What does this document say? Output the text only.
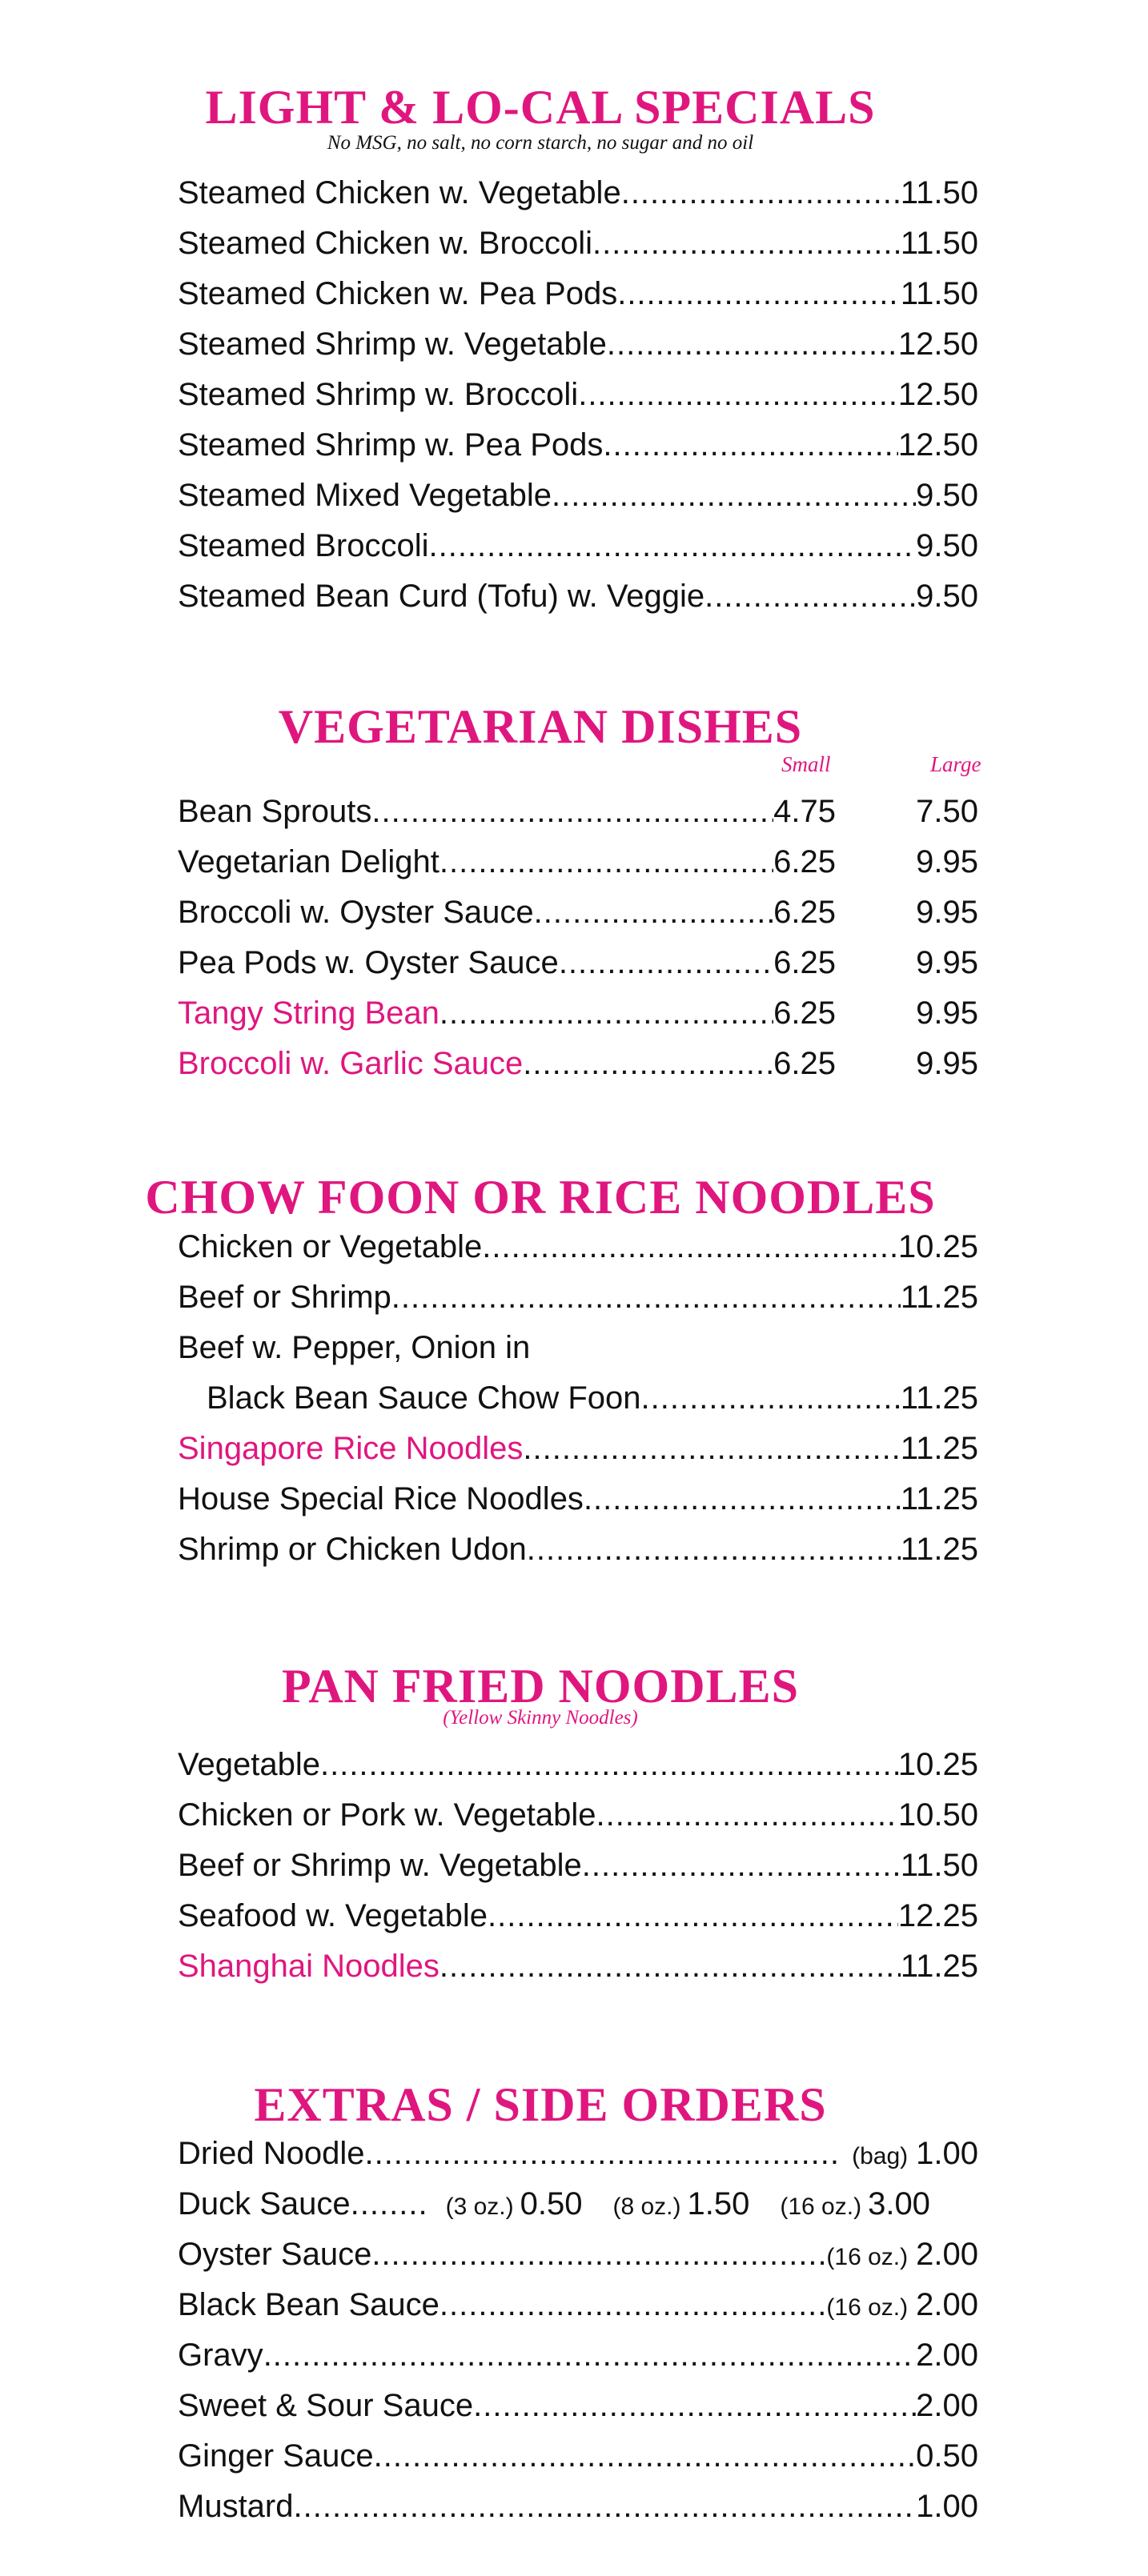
LIGHT & LO-CAL SPECIALS
No MSG, no salt, no corn starch, no sugar and no oil
Steamed Chicken w. Vegetable .....	11.50
Steamed Chicken w. Broccoli .....	11.50
Steamed Chicken w. Pea Pods .....	11.50
Steamed Shrimp w. Vegetable .....	12.50
Steamed Shrimp w. Broccoli .....	12.50
Steamed Shrimp w. Pea Pods .....	12.50
Steamed Mixed Vegetable .....	9.50
Steamed Broccoli .....	9.50
Steamed Bean Curd (Tofu) w. Veggie .....	9.50
VEGETARIAN DISHES
Small	Large
Bean Sprouts .....	4.75	7.50
Vegetarian Delight .....	6.25	9.95
Broccoli w. Oyster Sauce .....	6.25	9.95
Pea Pods w. Oyster Sauce .....	6.25	9.95
Tangy String Bean .....	6.25	9.95
Broccoli w. Garlic Sauce .....	6.25	9.95
CHOW FOON OR RICE NOODLES
Chicken or Vegetable .....	10.25
Beef or Shrimp .....	11.25
Beef w. Pepper, Onion in
Black Bean Sauce Chow Foon .....	11.25
Singapore Rice Noodles .....	11.25
House Special Rice Noodles .....	11.25
Shrimp or Chicken Udon .....	11.25
PAN FRIED NOODLES
(Yellow Skinny Noodles)
Vegetable .....	10.25
Chicken or Pork w. Vegetable .....	10.50
Beef or Shrimp w. Vegetable .....	11.50
Seafood w. Vegetable .....	12.25
Shanghai Noodles .....	11.25
EXTRAS / SIDE ORDERS
Dried Noodle .....	(bag) 1.00
Duck Sauce ........ (3 oz.) 0.50 (8 oz.) 1.50 (16 oz.) 3.00
Oyster Sauce .....	(16 oz.) 2.00
Black Bean Sauce .....	(16 oz.) 2.00
Gravy .....	2.00
Sweet & Sour Sauce .....	2.00
Ginger Sauce .....	0.50
Mustard .....	1.00
